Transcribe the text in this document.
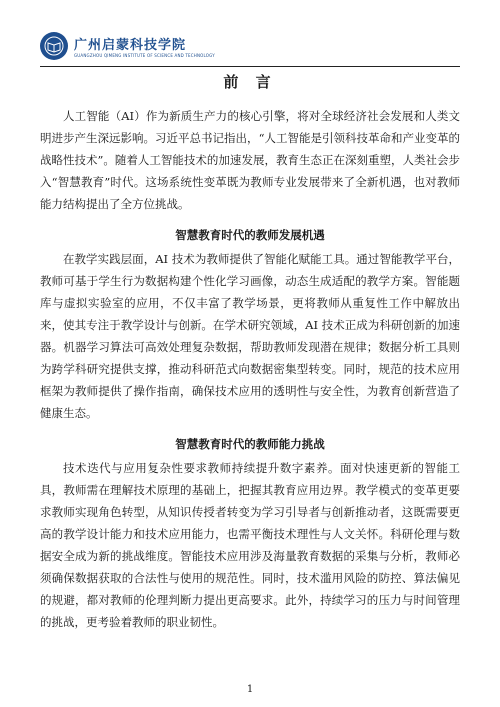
广州启蒙科技学院
GUANGZHOU QIMENG INSTITUTE OF SCIENCE AND TECHNOLOGY
前 言

人工智能（AI）作为新质生产力的核心引擎，将对全球经济社会发展和人类文明进步产生深远影响。习近平总书记指出，“人工智能是引领科技革命和产业变革的战略性技术”。随着人工智能技术的加速发展，教育生态正在深刻重塑，人类社会步入“智慧教育”时代。这场系统性变革既为教师专业发展带来了全新机遇，也对教师能力结构提出了全方位挑战。

智慧教育时代的教师发展机遇

在教学实践层面，AI 技术为教师提供了智能化赋能工具。通过智能教学平台，教师可基于学生行为数据构建个性化学习画像，动态生成适配的教学方案。智能题库与虚拟实验室的应用，不仅丰富了教学场景，更将教师从重复性工作中解放出来，使其专注于教学设计与创新。在学术研究领域，AI 技术正成为科研创新的加速器。机器学习算法可高效处理复杂数据，帮助教师发现潜在规律；数据分析工具则为跨学科研究提供支撑，推动科研范式向数据密集型转变。同时，规范的技术应用框架为教师提供了操作指南，确保技术应用的透明性与安全性，为教育创新营造了健康生态。

智慧教育时代的教师能力挑战

技术迭代与应用复杂性要求教师持续提升数字素养。面对快速更新的智能工具，教师需在理解技术原理的基础上，把握其教育应用边界。教学模式的变革更要求教师实现角色转型，从知识传授者转变为学习引导者与创新推动者，这既需要更高的教学设计能力和技术应用能力，也需平衡技术理性与人文关怀。科研伦理与数据安全成为新的挑战维度。智能技术应用涉及海量教育数据的采集与分析，教师必须确保数据获取的合法性与使用的规范性。同时，技术滥用风险的防控、算法偏见的规避，都对教师的伦理判断力提出更高要求。此外，持续学习的压力与时间管理的挑战，更考验着教师的职业韧性。

1
